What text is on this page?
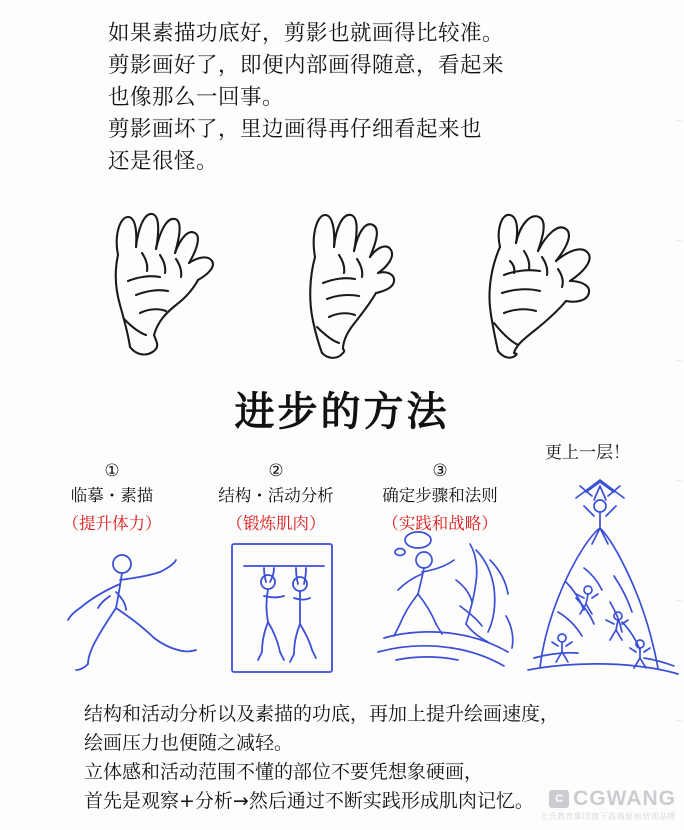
如果素描功底好，剪影也就画得比较准。
剪影画好了，即便内部画得随意，看起来
也像那么一回事。
剪影画坏了，里边画得再仔细看起来也
还是很怪。
进步的方法
更上一层！
①
临摹・素描
（提升体力）
②
结构・活动分析
（锻炼肌肉）
③
确定步骤和法则
（实践和战略）
结构和活动分析以及素描的功底，再加上提升绘画速度，
绘画压力也便随之减轻。
立体感和活动范围不懂的部位不要凭想象硬画，
首先是观察+分析→然后通过不断实践形成肌肉记忆。	C CGWANG
王氏教育集团旗下高端原画培训品牌
